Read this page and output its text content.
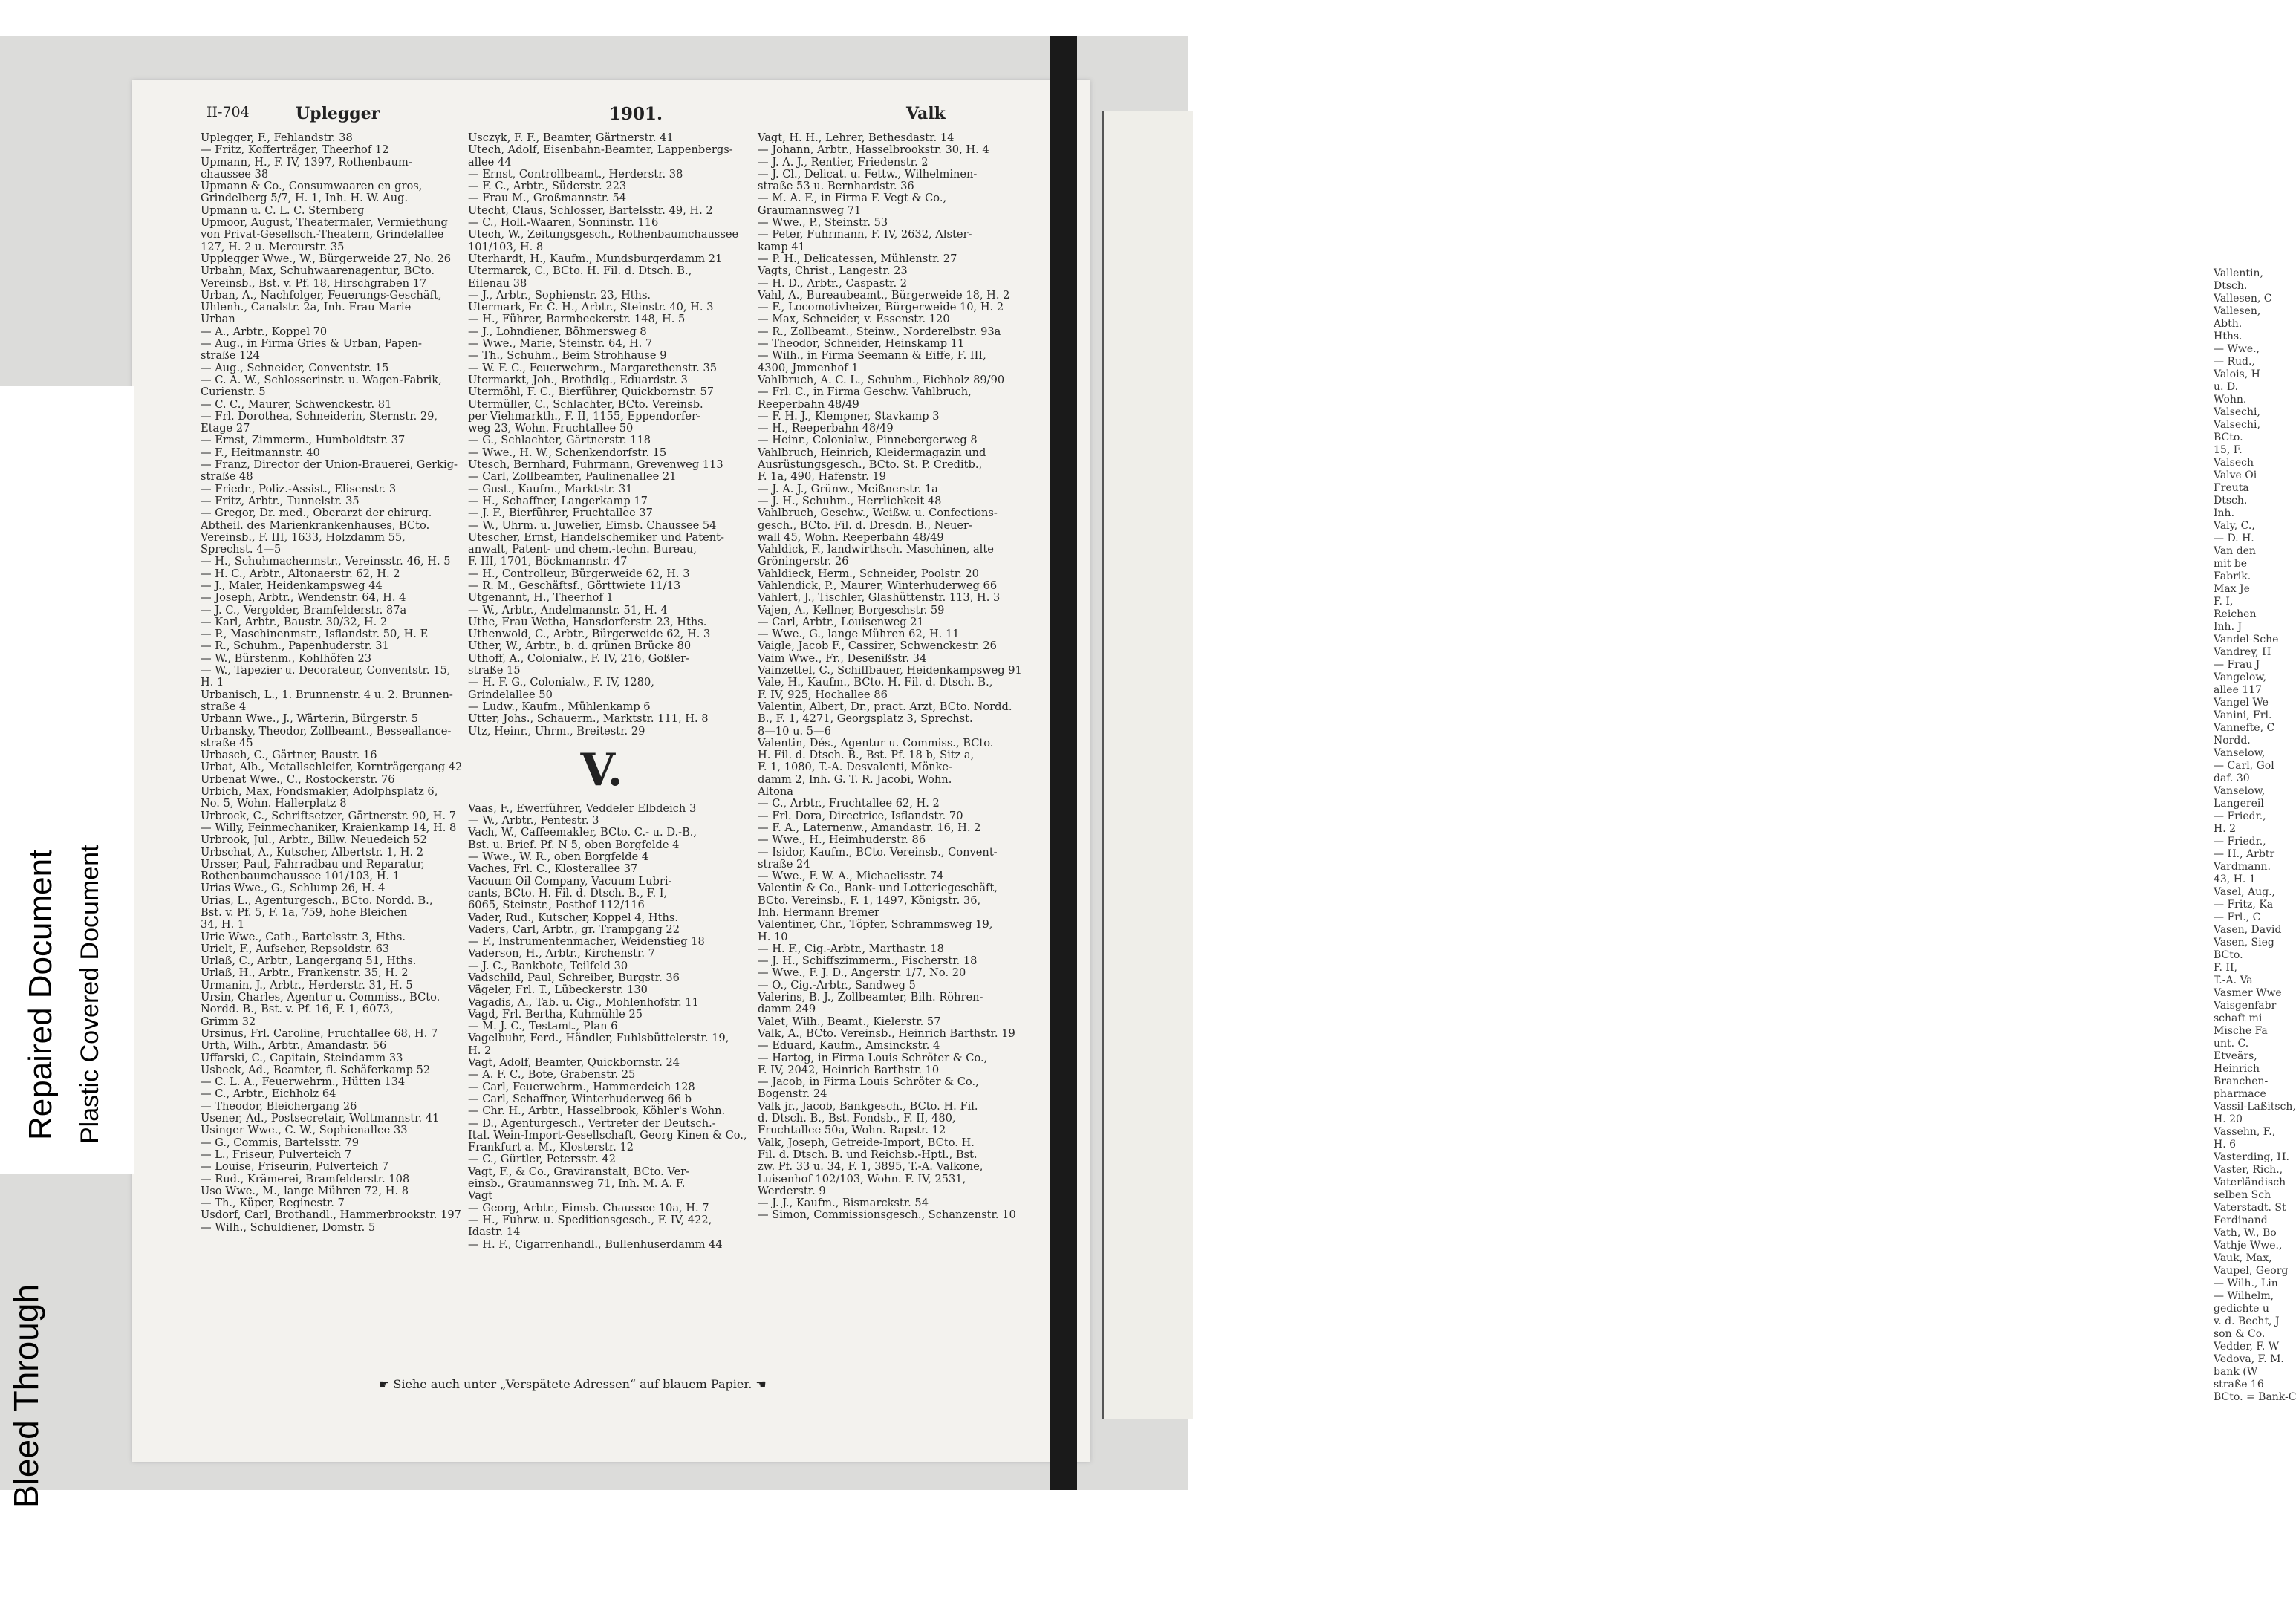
Vallentin,

Dtsch.

Vallesen, C

Vallesen,

Abth.

Hths.

— Wwe.,

— Rud.,

Valois, H

u. D.

Wohn.

Valsechi,

Valsechi,

BCto.

15, F.

Valsech

Valve Oi

Freuta

Dtsch.

Inh.

Valy, C.,

— D. H.

Van den

mit be

Fabrik.

Max Je

F. I,

Reichen

Inh. J

Vandel-Sche

Vandrey, H

— Frau J

Vangelow,

allee 117

Vangel We

Vanini, Frl.

Vannefte, C

Nordd.

Vanselow,

— Carl, Gol

daf. 30

Vanselow,

Langereil

— Friedr.,

H. 2

— Friedr.,

— H., Arbtr

Vardmann.

43, H. 1

Vasel, Aug.,

— Fritz, Ka

— Frl., C

Vasen, David

Vasen, Sieg

BCto.

F. II,

T.-A. Va

Vasmer Wwe

Vaisgenfabr

schaft mi

Mische Fa

unt. C.

Etveärs,

Heinrich

Branchen-

pharmace

Vassil-Laßitsch,

H. 20

Vassehn, F.,

H. 6

Vasterding, H.

Vaster, Rich.,

Vaterländisch

selben Sch

Vaterstadt. St

Ferdinand

Vath, W., Bo

Vathje Wwe.,

Vauk, Max,

Vaupel, Georg

— Wilh., Lin

— Wilhelm,

gedichte u

v. d. Becht, J

son & Co.

Vedder, F. W

Vedova, F. M.

bank (W

straße 16

BCto. = Bank-C

Bleed Through
Repaired Document Plastic Covered Document
II-704	Uplegger	1901.	Valk

Uplegger, F., Fehlandstr. 38

— Fritz, Kofferträger, Theerhof 12

Upmann, H., F. IV, 1397, Rothenbaum-

chaussee 38

Upmann & Co., Consumwaaren en gros,

Grindelberg 5/7, H. 1, Inh. H. W. Aug.

Upmann u. C. L. C. Sternberg

Upmoor, August, Theatermaler, Vermiethung

von Privat-Gesellsch.-Theatern, Grindelallee

127, H. 2 u. Mercurstr. 35

Upplegger Wwe., W., Bürgerweide 27, No. 26

Urbahn, Max, Schuhwaarenagentur, BCto.

Vereinsb., Bst. v. Pf. 18, Hirschgraben 17

Urban, A., Nachfolger, Feuerungs-Geschäft,

Uhlenh., Canalstr. 2a, Inh. Frau Marie

Urban

— A., Arbtr., Koppel 70

— Aug., in Firma Gries & Urban, Papen-

straße 124

— Aug., Schneider, Conventstr. 15

— C. A. W., Schlosserinstr. u. Wagen-Fabrik,

Curienstr. 5

— C. C., Maurer, Schwenckestr. 81

— Frl. Dorothea, Schneiderin, Sternstr. 29,

Etage 27

— Ernst, Zimmerm., Humboldtstr. 37

— F., Heitmannstr. 40

— Franz, Director der Union-Brauerei, Gerkig-

straße 48

— Friedr., Poliz.-Assist., Elisenstr. 3

— Fritz, Arbtr., Tunnelstr. 35

— Gregor, Dr. med., Oberarzt der chirurg.

Abtheil. des Marienkrankenhauses, BCto.

Vereinsb., F. III, 1633, Holzdamm 55,

Sprechst. 4—5

— H., Schuhmachermstr., Vereinsstr. 46, H. 5

— H. C., Arbtr., Altonaerstr. 62, H. 2

— J., Maler, Heidenkampsweg 44

— Joseph, Arbtr., Wendenstr. 64, H. 4

— J. C., Vergolder, Bramfelderstr. 87a

— Karl, Arbtr., Baustr. 30/32, H. 2

— P., Maschinenmstr., Isflandstr. 50, H. E

— R., Schuhm., Papenhuderstr. 31

— W., Bürstenm., Kohlhöfen 23

— W., Tapezier u. Decorateur, Conventstr. 15,

H. 1

Urbanisch, L., 1. Brunnenstr. 4 u. 2. Brunnen-

straße 4

Urbann Wwe., J., Wärterin, Bürgerstr. 5

Urbansky, Theodor, Zollbeamt., Besseallance-

straße 45

Urbasch, C., Gärtner, Baustr. 16

Urbat, Alb., Metallschleifer, Kornträgergang 42

Urbenat Wwe., C., Rostockerstr. 76

Urbich, Max, Fondsmakler, Adolphsplatz 6,

No. 5, Wohn. Hallerplatz 8

Urbrock, C., Schriftsetzer, Gärtnerstr. 90, H. 7

— Willy, Feinmechaniker, Kraienkamp 14, H. 8

Urbrook, Jul., Arbtr., Billw. Neuedeich 52

Urbschat, A., Kutscher, Albertstr. 1, H. 2

Ursser, Paul, Fahrradbau und Reparatur,

Rothenbaumchaussee 101/103, H. 1

Urias Wwe., G., Schlump 26, H. 4

Urias, L., Agenturgesch., BCto. Nordd. B.,

Bst. v. Pf. 5, F. 1a, 759, hohe Bleichen

34, H. 1

Urie Wwe., Cath., Bartelsstr. 3, Hths.

Urielt, F., Aufseher, Repsoldstr. 63

Urlaß, C., Arbtr., Langergang 51, Hths.

Urlaß, H., Arbtr., Frankenstr. 35, H. 2

Urmanin, J., Arbtr., Herderstr. 31, H. 5

Ursin, Charles, Agentur u. Commiss., BCto.

Nordd. B., Bst. v. Pf. 16, F. 1, 6073,

Grimm 32

Ursinus, Frl. Caroline, Fruchtallee 68, H. 7

Urth, Wilh., Arbtr., Amandastr. 56

Uffarski, C., Capitain, Steindamm 33

Usbeck, Ad., Beamter, fl. Schäferkamp 52

— C. L. A., Feuerwehrm., Hütten 134

— C., Arbtr., Eichholz 64

— Theodor, Bleichergang 26

Usener, Ad., Postsecretair, Woltmannstr. 41

Usinger Wwe., C. W., Sophienallee 33

— G., Commis, Bartelsstr. 79

— L., Friseur, Pulverteich 7

— Louise, Friseurin, Pulverteich 7

— Rud., Krämerei, Bramfelderstr. 108

Uso Wwe., M., lange Mühren 72, H. 8

— Th., Küper, Reginestr. 7

Usdorf, Carl, Brothandl., Hammerbrookstr. 197

— Wilh., Schuldiener, Domstr. 5

Usczyk, F. F., Beamter, Gärtnerstr. 41

Utech, Adolf, Eisenbahn-Beamter, Lappenbergs-

allee 44

— Ernst, Controllbeamt., Herderstr. 38

— F. C., Arbtr., Süderstr. 223

— Frau M., Großmannstr. 54

Utecht, Claus, Schlosser, Bartelsstr. 49, H. 2

— C., Holl.-Waaren, Sonninstr. 116

Utech, W., Zeitungsgesch., Rothenbaumchaussee

101/103, H. 8

Uterhardt, H., Kaufm., Mundsburgerdamm 21

Utermarck, C., BCto. H. Fil. d. Dtsch. B.,

Eilenau 38

— J., Arbtr., Sophienstr. 23, Hths.

Utermark, Fr. C. H., Arbtr., Steinstr. 40, H. 3

— H., Führer, Barmbeckerstr. 148, H. 5

— J., Lohndiener, Böhmersweg 8

— Wwe., Marie, Steinstr. 64, H. 7

— Th., Schuhm., Beim Strohhause 9

— W. F. C., Feuerwehrm., Margarethenstr. 35

Utermarkt, Joh., Brothdlg., Eduardstr. 3

Utermöhl, F. C., Bierführer, Quickbornstr. 57

Utermüller, C., Schlachter, BCto. Vereinsb.

per Viehmarkth., F. II, 1155, Eppendorfer-

weg 23, Wohn. Fruchtallee 50

— G., Schlachter, Gärtnerstr. 118

— Wwe., H. W., Schenkendorfstr. 15

Utesch, Bernhard, Fuhrmann, Grevenweg 113

— Carl, Zollbeamter, Paulinenallee 21

— Gust., Kaufm., Marktstr. 31

— H., Schaffner, Langerkamp 17

— J. F., Bierführer, Fruchtallee 37

— W., Uhrm. u. Juwelier, Eimsb. Chaussee 54

Utescher, Ernst, Handelschemiker und Patent-

anwalt, Patent- und chem.-techn. Bureau,

F. III, 1701, Böckmannstr. 47

— H., Controlleur, Bürgerweide 62, H. 3

— R. M., Geschäftsf., Görttwiete 11/13

Utgenannt, H., Theerhof 1

— W., Arbtr., Andelmannstr. 51, H. 4

Uthe, Frau Wetha, Hansdorferstr. 23, Hths.

Uthenwold, C., Arbtr., Bürgerweide 62, H. 3

Uther, W., Arbtr., b. d. grünen Brücke 80

Uthoff, A., Colonialw., F. IV, 216, Goßler-

straße 15

— H. F. G., Colonialw., F. IV, 1280,

Grindelallee 50

— Ludw., Kaufm., Mühlenkamp 6

Utter, Johs., Schauerm., Marktstr. 111, H. 8

Utz, Heinr., Uhrm., Breitestr. 29

V.

Vaas, F., Ewerführer, Veddeler Elbdeich 3

— W., Arbtr., Pentestr. 3

Vach, W., Caffeemakler, BCto. C.- u. D.-B.,

Bst. u. Brief. Pf. N 5, oben Borgfelde 4

— Wwe., W. R., oben Borgfelde 4

Vaches, Frl. C., Klosterallee 37

Vacuum Oil Company, Vacuum Lubri-

cants, BCto. H. Fil. d. Dtsch. B., F. I,

6065, Steinstr., Posthof 112/116

Vader, Rud., Kutscher, Koppel 4, Hths.

Vaders, Carl, Arbtr., gr. Trampgang 22

— F., Instrumentenmacher, Weidenstieg 18

Vaderson, H., Arbtr., Kirchenstr. 7

— J. C., Bankbote, Teilfeld 30

Vadschild, Paul, Schreiber, Burgstr. 36

Vägeler, Frl. T., Lübeckerstr. 130

Vagadis, A., Tab. u. Cig., Mohlenhofstr. 11

Vagd, Frl. Bertha, Kuhmühle 25

— M. J. C., Testamt., Plan 6

Vagelbuhr, Ferd., Händler, Fuhlsbüttelerstr. 19,

H. 2

Vagt, Adolf, Beamter, Quickbornstr. 24

— A. F. C., Bote, Grabenstr. 25

— Carl, Feuerwehrm., Hammerdeich 128

— Carl, Schaffner, Winterhuderweg 66 b

— Chr. H., Arbtr., Hasselbrook, Köhler's Wohn.

— D., Agenturgesch., Vertreter der Deutsch.-

Ital. Wein-Import-Gesellschaft, Georg Kinen & Co.,

Frankfurt a. M., Klosterstr. 12

— C., Gürtler, Petersstr. 42

Vagt, F., & Co., Graviranstalt, BCto. Ver-

einsb., Graumannsweg 71, Inh. M. A. F.

Vagt

— Georg, Arbtr., Eimsb. Chaussee 10a, H. 7

— H., Fuhrw. u. Speditionsgesch., F. IV, 422,

Idastr. 14

— H. F., Cigarrenhandl., Bullenhuserdamm 44

Vagt, H. H., Lehrer, Bethesdastr. 14

— Johann, Arbtr., Hasselbrookstr. 30, H. 4

— J. A. J., Rentier, Friedenstr. 2

— J. Cl., Delicat. u. Fettw., Wilhelminen-

straße 53 u. Bernhardstr. 36

— M. A. F., in Firma F. Vegt & Co.,

Graumannsweg 71

— Wwe., P., Steinstr. 53

— Peter, Fuhrmann, F. IV, 2632, Alster-

kamp 41

— P. H., Delicatessen, Mühlenstr. 27

Vagts, Christ., Langestr. 23

— H. D., Arbtr., Caspastr. 2

Vahl, A., Bureaubeamt., Bürgerweide 18, H. 2

— F., Locomotivheizer, Bürgerweide 10, H. 2

— Max, Schneider, v. Essenstr. 120

— R., Zollbeamt., Steinw., Norderelbstr. 93a

— Theodor, Schneider, Heinskamp 11

— Wilh., in Firma Seemann & Eiffe, F. III,

4300, Jmmenhof 1

Vahlbruch, A. C. L., Schuhm., Eichholz 89/90

— Frl. C., in Firma Geschw. Vahlbruch,

Reeperbahn 48/49

— F. H. J., Klempner, Stavkamp 3

— H., Reeperbahn 48/49

— Heinr., Colonialw., Pinnebergerweg 8

Vahlbruch, Heinrich, Kleidermagazin und

Ausrüstungsgesch., BCto. St. P. Creditb.,

F. 1a, 490, Hafenstr. 19

— J. A. J., Grünw., Meißnerstr. 1a

— J. H., Schuhm., Herrlichkeit 48

Vahlbruch, Geschw., Weißw. u. Confections-

gesch., BCto. Fil. d. Dresdn. B., Neuer-

wall 45, Wohn. Reeperbahn 48/49

Vahldick, F., landwirthsch. Maschinen, alte

Gröningerstr. 26

Vahldieck, Herm., Schneider, Poolstr. 20

Vahlendick, P., Maurer, Winterhuderweg 66

Vahlert, J., Tischler, Glashüttenstr. 113, H. 3

Vajen, A., Kellner, Borgeschstr. 59

— Carl, Arbtr., Louisenweg 21

— Wwe., G., lange Mühren 62, H. 11

Vaigle, Jacob F., Cassirer, Schwenckestr. 26

Vaim Wwe., Fr., Desenißstr. 34

Vainzettel, C., Schiffbauer, Heidenkampsweg 91

Vale, H., Kaufm., BCto. H. Fil. d. Dtsch. B.,

F. IV, 925, Hochallee 86

Valentin, Albert, Dr., pract. Arzt, BCto. Nordd.

B., F. 1, 4271, Georgsplatz 3, Sprechst.

8—10 u. 5—6

Valentin, Dés., Agentur u. Commiss., BCto.

H. Fil. d. Dtsch. B., Bst. Pf. 18 b, Sitz a,

F. 1, 1080, T.-A. Desvalenti, Mönke-

damm 2, Inh. G. T. R. Jacobi, Wohn.

Altona

— C., Arbtr., Fruchtallee 62, H. 2

— Frl. Dora, Directrice, Isflandstr. 70

— F. A., Laternenw., Amandastr. 16, H. 2

— Wwe., H., Heimhuderstr. 86

— Isidor, Kaufm., BCto. Vereinsb., Convent-

straße 24

— Wwe., F. W. A., Michaelisstr. 74

Valentin & Co., Bank- und Lotteriegeschäft,

BCto. Vereinsb., F. 1, 1497, Königstr. 36,

Inh. Hermann Bremer

Valentiner, Chr., Töpfer, Schrammsweg 19,

H. 10

— H. F., Cig.-Arbtr., Marthastr. 18

— J. H., Schiffszimmerm., Fischerstr. 18

— Wwe., F. J. D., Angerstr. 1/7, No. 20

— O., Cig.-Arbtr., Sandweg 5

Valerins, B. J., Zollbeamter, Bilh. Röhren-

damm 249

Valet, Wilh., Beamt., Kielerstr. 57

Valk, A., BCto. Vereinsb., Heinrich Barthstr. 19

— Eduard, Kaufm., Amsinckstr. 4

— Hartog, in Firma Louis Schröter & Co.,

F. IV, 2042, Heinrich Barthstr. 10

— Jacob, in Firma Louis Schröter & Co.,

Bogenstr. 24

Valk jr., Jacob, Bankgesch., BCto. H. Fil.

d. Dtsch. B., Bst. Fondsb., F. II, 480,

Fruchtallee 50a, Wohn. Rapstr. 12

Valk, Joseph, Getreide-Import, BCto. H.

Fil. d. Dtsch. B. und Reichsb.-Hptl., Bst.

zw. Pf. 33 u. 34, F. 1, 3895, T.-A. Valkone,

Luisenhof 102/103, Wohn. F. IV, 2531,

Werderstr. 9

— J. J., Kaufm., Bismarckstr. 54

— Simon, Commissionsgesch., Schanzenstr. 10

☛ Siehe auch unter „Verspätete Adressen“ auf blauem Papier. ☚
